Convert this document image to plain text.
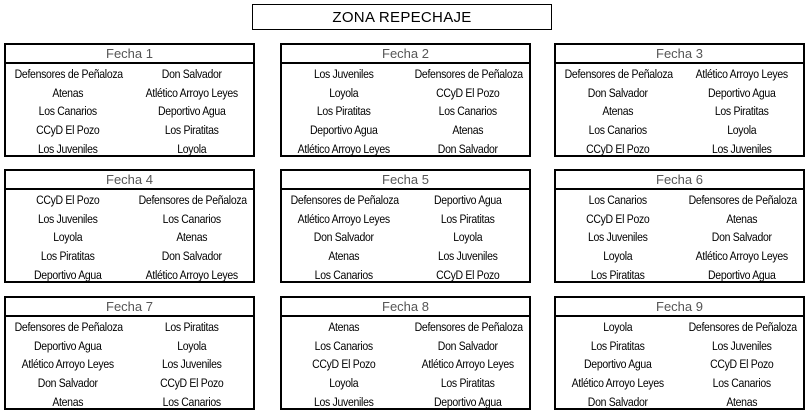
ZONA REPECHAJE
Fecha 1
Defensores de Peñaloza	Don Salvador
Atenas	Atlético Arroyo Leyes
Los Canarios	Deportivo Agua
CCyD El Pozo	Los Piratitas
Los Juveniles	Loyola
Fecha 2
Los Juveniles	Defensores de Peñaloza
Loyola	CCyD El Pozo
Los Piratitas	Los Canarios
Deportivo Agua	Atenas
Atlético Arroyo Leyes	Don Salvador
Fecha 3
Defensores de Peñaloza	Atlético Arroyo Leyes
Don Salvador	Deportivo Agua
Atenas	Los Piratitas
Los Canarios	Loyola
CCyD El Pozo	Los Juveniles
Fecha 4
CCyD El Pozo	Defensores de Peñaloza
Los Juveniles	Los Canarios
Loyola	Atenas
Los Piratitas	Don Salvador
Deportivo Agua	Atlético Arroyo Leyes
Fecha 5
Defensores de Peñaloza	Deportivo Agua
Atlético Arroyo Leyes	Los Piratitas
Don Salvador	Loyola
Atenas	Los Juveniles
Los Canarios	CCyD El Pozo
Fecha 6
Los Canarios	Defensores de Peñaloza
CCyD El Pozo	Atenas
Los Juveniles	Don Salvador
Loyola	Atlético Arroyo Leyes
Los Piratitas	Deportivo Agua
Fecha 7
Defensores de Peñaloza	Los Piratitas
Deportivo Agua	Loyola
Atlético Arroyo Leyes	Los Juveniles
Don Salvador	CCyD El Pozo
Atenas	Los Canarios
Fecha 8
Atenas	Defensores de Peñaloza
Los Canarios	Don Salvador
CCyD El Pozo	Atlético Arroyo Leyes
Loyola	Los Piratitas
Los Juveniles	Deportivo Agua
Fecha 9
Loyola	Defensores de Peñaloza
Los Piratitas	Los Juveniles
Deportivo Agua	CCyD El Pozo
Atlético Arroyo Leyes	Los Canarios
Don Salvador	Atenas
